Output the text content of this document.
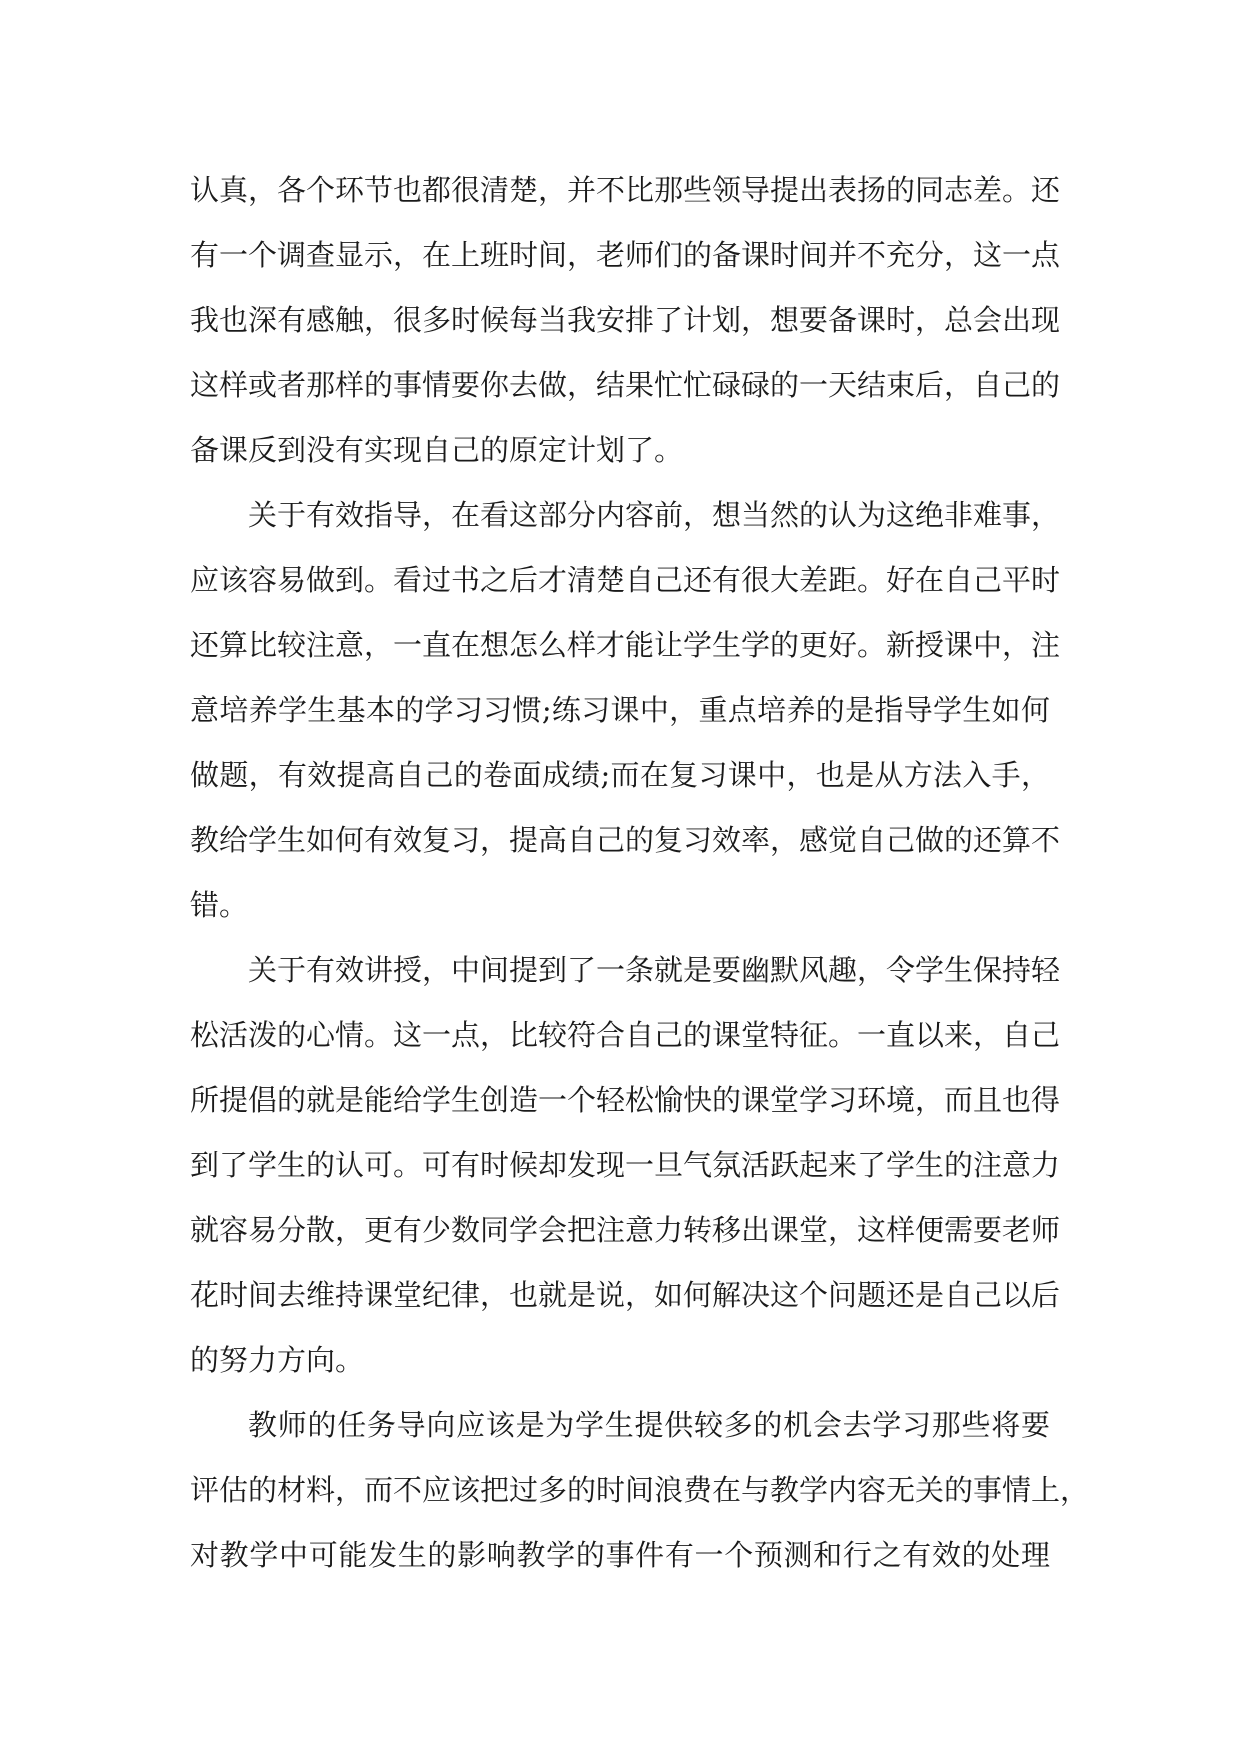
认真，各个环节也都很清楚，并不比那些领导提出表扬的同志差。还
有一个调查显示，在上班时间，老师们的备课时间并不充分，这一点
我也深有感触，很多时候每当我安排了计划，想要备课时，总会出现
这样或者那样的事情要你去做，结果忙忙碌碌的一天结束后，自己的
备课反到没有实现自己的原定计划了。
关于有效指导，在看这部分内容前，想当然的认为这绝非难事，
应该容易做到。看过书之后才清楚自己还有很大差距。好在自己平时
还算比较注意，一直在想怎么样才能让学生学的更好。新授课中，注
意培养学生基本的学习习惯;练习课中，重点培养的是指导学生如何
做题，有效提高自己的卷面成绩;而在复习课中，也是从方法入手，
教给学生如何有效复习，提高自己的复习效率，感觉自己做的还算不
错。
关于有效讲授，中间提到了一条就是要幽默风趣，令学生保持轻
松活泼的心情。这一点，比较符合自己的课堂特征。一直以来，自己
所提倡的就是能给学生创造一个轻松愉快的课堂学习环境，而且也得
到了学生的认可。可有时候却发现一旦气氛活跃起来了学生的注意力
就容易分散，更有少数同学会把注意力转移出课堂，这样便需要老师
花时间去维持课堂纪律，也就是说，如何解决这个问题还是自己以后
的努力方向。
教师的任务导向应该是为学生提供较多的机会去学习那些将要
评估的材料，而不应该把过多的时间浪费在与教学内容无关的事情上，
对教学中可能发生的影响教学的事件有一个预测和行之有效的处理
